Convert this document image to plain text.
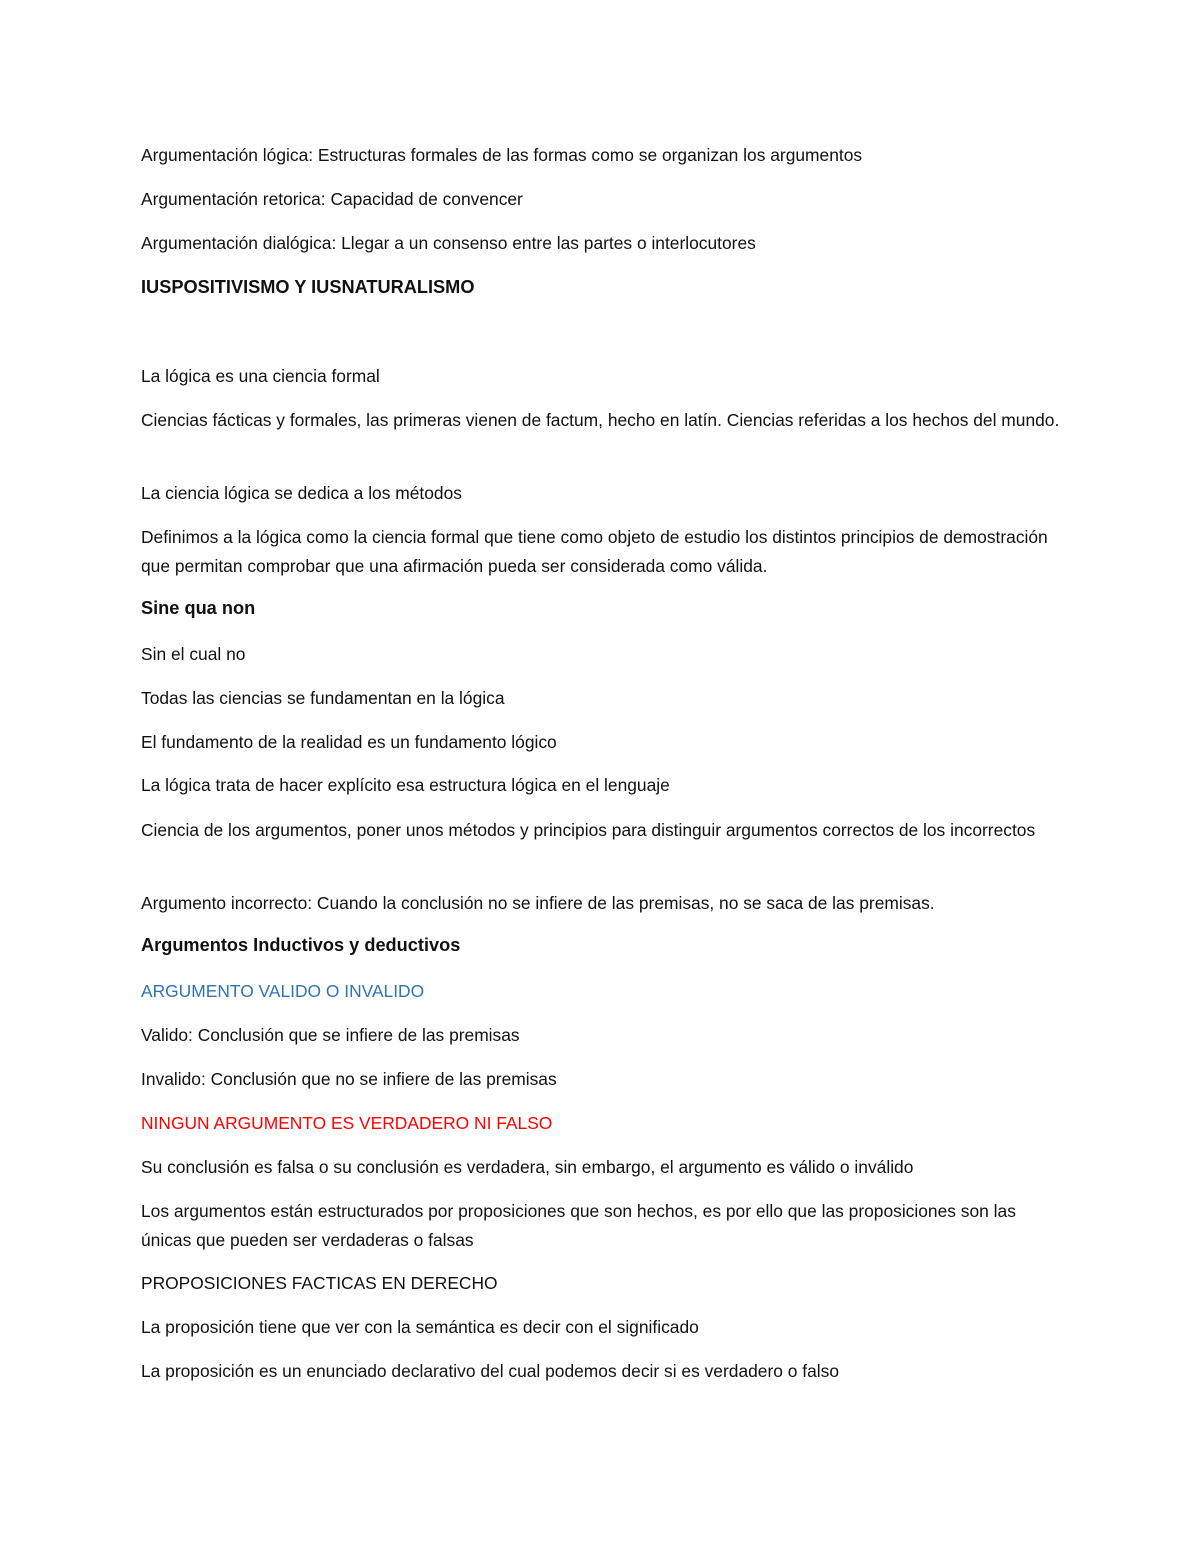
Argumentación lógica: Estructuras formales de las formas como se organizan los argumentos

Argumentación retorica: Capacidad de convencer

Argumentación dialógica: Llegar a un consenso entre las partes o interlocutores

IUSPOSITIVISMO Y IUSNATURALISMO

La lógica es una ciencia formal

Ciencias fácticas y formales, las primeras vienen de factum, hecho en latín. Ciencias referidas a los hechos del mundo.

La ciencia lógica se dedica a los métodos

Definimos a la lógica como la ciencia formal que tiene como objeto de estudio los distintos principios de demostración que permitan comprobar que una afirmación pueda ser considerada como válida.

Sine qua non

Sin el cual no

Todas las ciencias se fundamentan en la lógica

El fundamento de la realidad es un fundamento lógico

La lógica trata de hacer explícito esa estructura lógica en el lenguaje

Ciencia de los argumentos, poner unos métodos y principios para distinguir argumentos correctos de los incorrectos

Argumento incorrecto: Cuando la conclusión no se infiere de las premisas, no se saca de las premisas.

Argumentos Inductivos y deductivos

ARGUMENTO VALIDO O INVALIDO

Valido: Conclusión que se infiere de las premisas

Invalido: Conclusión que no se infiere de las premisas

NINGUN ARGUMENTO ES VERDADERO NI FALSO

Su conclusión es falsa o su conclusión es verdadera, sin embargo, el argumento es válido o inválido

Los argumentos están estructurados por proposiciones que son hechos, es por ello que las proposiciones son las únicas que pueden ser verdaderas o falsas

PROPOSICIONES FACTICAS EN DERECHO

La proposición tiene que ver con la semántica es decir con el significado

La proposición es un enunciado declarativo del cual podemos decir si es verdadero o falso
